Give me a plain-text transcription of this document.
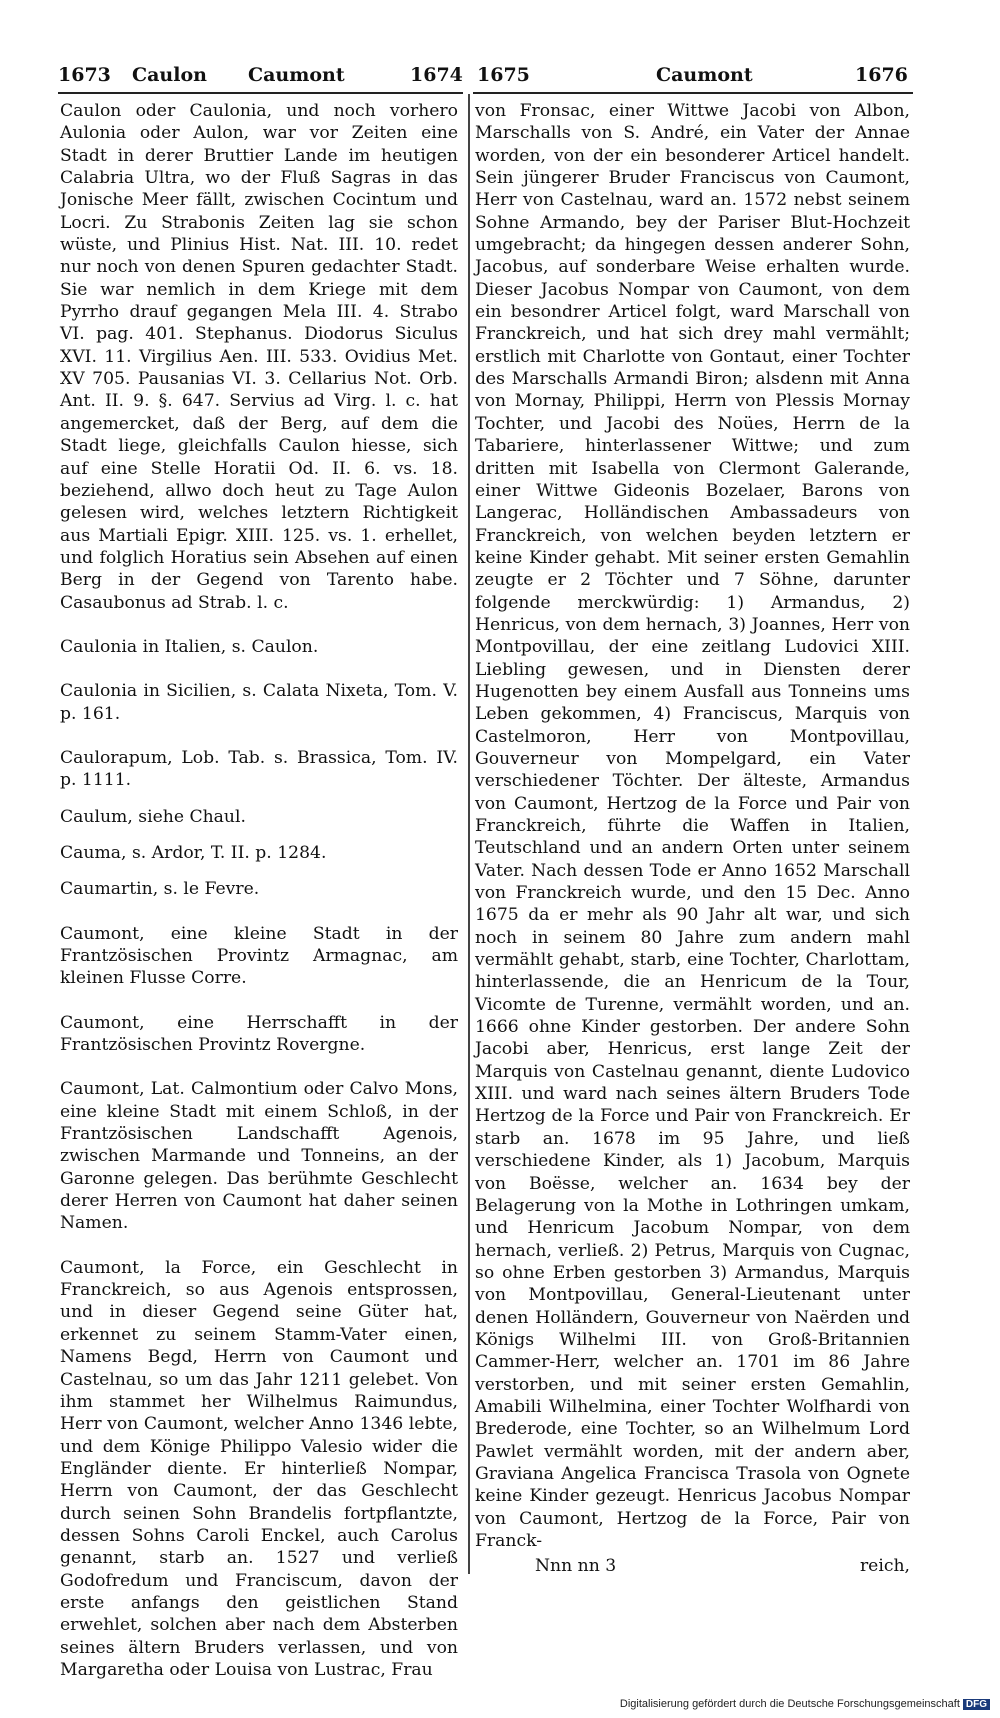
1673 Caulon Caumont	1674 1675	Caumont	1676

Caulon oder Caulonia, und noch vorhero Aulonia oder Aulon, war vor Zeiten eine Stadt in derer Bruttier Lande im heutigen Calabria Ultra, wo der Fluß Sagras in das Jonische Meer fällt, zwischen Cocintum und Locri. Zu Strabonis Zeiten lag sie schon wüste, und Plinius Hist. Nat. III. 10. redet nur noch von denen Spuren gedachter Stadt. Sie war nemlich in dem Kriege mit dem Pyrrho drauf gegangen Mela III. 4. Strabo VI. pag. 401. Stephanus. Diodorus Siculus XVI. 11. Virgilius Aen. III. 533. Ovidius Met. XV 705. Pausanias VI. 3. Cellarius Not. Orb. Ant. II. 9. §. 647. Servius ad Virg. l. c. hat angemercket, daß der Berg, auf dem die Stadt liege, gleichfalls Caulon hiesse, sich auf eine Stelle Horatii Od. II. 6. vs. 18. beziehend, allwo doch heut zu Tage Aulon gelesen wird, welches letztern Richtigkeit aus Martiali Epigr. XIII. 125. vs. 1. erhellet, und folglich Horatius sein Absehen auf einen Berg in der Gegend von Tarento habe. Casaubonus ad Strab. l. c.

Caulonia in Italien, s. Caulon.

Caulonia in Sicilien, s. Calata Nixeta, Tom. V. p. 161.

Caulorapum, Lob. Tab. s. Brassica, Tom. IV. p. 1111.

Caulum, siehe Chaul.

Cauma, s. Ardor, T. II. p. 1284.

Caumartin, s. le Fevre.

Caumont, eine kleine Stadt in der Frantzösischen Provintz Armagnac, am kleinen Flusse Corre.

Caumont, eine Herrschafft in der Frantzösischen Provintz Rovergne.

Caumont, Lat. Calmontium oder Calvo Mons, eine kleine Stadt mit einem Schloß, in der Frantzösischen Landschafft Agenois, zwischen Marmande und Tonneins, an der Garonne gelegen. Das berühmte Geschlecht derer Herren von Caumont hat daher seinen Namen.

Caumont, la Force, ein Geschlecht in Franckreich, so aus Agenois entsprossen, und in dieser Gegend seine Güter hat, erkennet zu seinem Stamm-Vater einen, Namens Begd, Herrn von Caumont und Castelnau, so um das Jahr 1211 gelebet. Von ihm stammet her Wilhelmus Raimundus, Herr von Caumont, welcher Anno 1346 lebte, und dem Könige Philippo Valesio wider die Engländer diente. Er hinterließ Nompar, Herrn von Caumont, der das Geschlecht durch seinen Sohn Brandelis fortpflantzte, dessen Sohns Caroli Enckel, auch Carolus genannt, starb an. 1527 und verließ Godofredum und Franciscum, davon der erste anfangs den geistlichen Stand erwehlet, solchen aber nach dem Absterben seines ältern Bruders verlassen, und von Margaretha oder Louisa von Lustrac, Frau

von Fronsac, einer Wittwe Jacobi von Albon, Marschalls von S. André, ein Vater der Annae worden, von der ein besonderer Articel handelt. Sein jüngerer Bruder Franciscus von Caumont, Herr von Castelnau, ward an. 1572 nebst seinem Sohne Armando, bey der Pariser Blut-Hochzeit umgebracht; da hingegen dessen anderer Sohn, Jacobus, auf sonderbare Weise erhalten wurde. Dieser Jacobus Nompar von Caumont, von dem ein besondrer Articel folgt, ward Marschall von Franckreich, und hat sich drey mahl vermählt; erstlich mit Charlotte von Gontaut, einer Tochter des Marschalls Armandi Biron; alsdenn mit Anna von Mornay, Philippi, Herrn von Plessis Mornay Tochter, und Jacobi des Noües, Herrn de la Tabariere, hinterlassener Wittwe; und zum dritten mit Isabella von Clermont Galerande, einer Wittwe Gideonis Bozelaer, Barons von Langerac, Holländischen Ambassadeurs von Franckreich, von welchen beyden letztern er keine Kinder gehabt. Mit seiner ersten Gemahlin zeugte er 2 Töchter und 7 Söhne, darunter folgende merckwürdig: 1) Armandus, 2) Henricus, von dem hernach, 3) Joannes, Herr von Montpovillau, der eine zeitlang Ludovici XIII. Liebling gewesen, und in Diensten derer Hugenotten bey einem Ausfall aus Tonneins ums Leben gekommen, 4) Franciscus, Marquis von Castelmoron, Herr von Montpovillau, Gouverneur von Mompelgard, ein Vater verschiedener Töchter. Der älteste, Armandus von Caumont, Hertzog de la Force und Pair von Franckreich, führte die Waffen in Italien, Teutschland und an andern Orten unter seinem Vater. Nach dessen Tode er Anno 1652 Marschall von Franckreich wurde, und den 15 Dec. Anno 1675 da er mehr als 90 Jahr alt war, und sich noch in seinem 80 Jahre zum andern mahl vermählt gehabt, starb, eine Tochter, Charlottam, hinterlassende, die an Henricum de la Tour, Vicomte de Turenne, vermählt worden, und an. 1666 ohne Kinder gestorben. Der andere Sohn Jacobi aber, Henricus, erst lange Zeit der Marquis von Castelnau genannt, diente Ludovico XIII. und ward nach seines ältern Bruders Tode Hertzog de la Force und Pair von Franckreich. Er starb an. 1678 im 95 Jahre, und ließ verschiedene Kinder, als 1) Jacobum, Marquis von Boësse, welcher an. 1634 bey der Belagerung von la Mothe in Lothringen umkam, und Henricum Jacobum Nompar, von dem hernach, verließ. 2) Petrus, Marquis von Cugnac, so ohne Erben gestorben 3) Armandus, Marquis von Montpovillau, General-Lieutenant unter denen Holländern, Gouverneur von Naërden und Königs Wilhelmi III. von Groß-Britannien Cammer-Herr, welcher an. 1701 im 86 Jahre verstorben, und mit seiner ersten Gemahlin, Amabili Wilhelmina, einer Tochter Wolfhardi von Brederode, eine Tochter, so an Wilhelmum Lord Pawlet vermählt worden, mit der andern aber, Graviana Angelica Francisca Trasola von Ognete keine Kinder gezeugt. Henricus Jacobus Nompar von Caumont, Hertzog de la Force, Pair von Franck-

Nnn nn 3	reich,
Digitalisierung gefördert durch die Deutsche Forschungsgemeinschaft DFG
